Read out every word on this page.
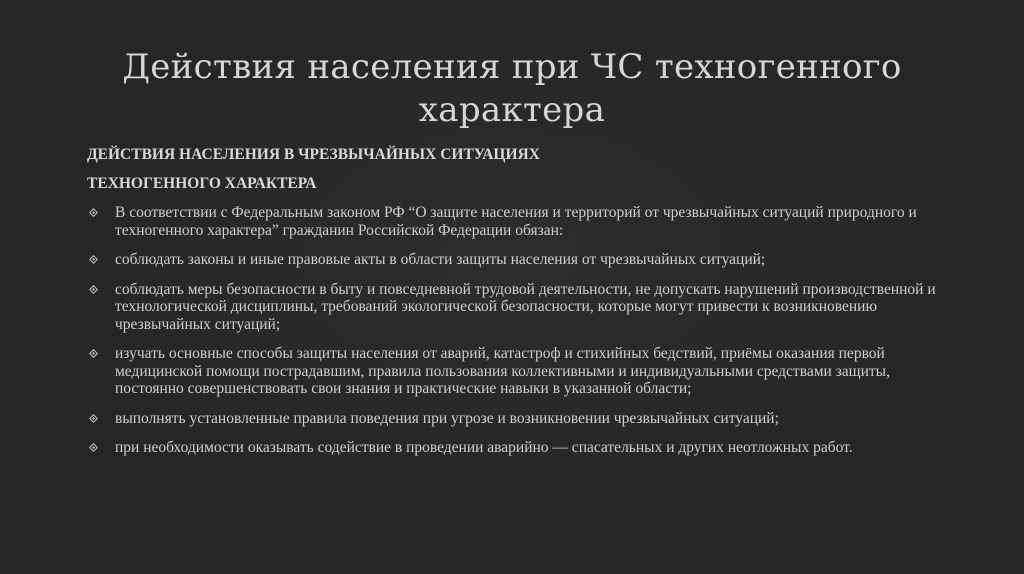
Действия населения при ЧС техногенного характера
ДЕЙСТВИЯ НАСЕЛЕНИЯ В ЧРЕЗВЫЧАЙНЫХ СИТУАЦИЯХ
ТЕХНОГЕННОГО ХАРАКТЕРА
В соответствии с Федеральным законом РФ “О защите населения и территорий от чрезвычайных ситуаций природного и техногенного характера” гражданин Российской Федерации обязан:
соблюдать законы и иные правовые акты в области защиты населения от чрезвычайных ситуаций;
соблюдать меры безопасности в быту и повседневной трудовой деятельности, не допускать нарушений производственной и технологической дисциплины, требований экологической безопасности, которые могут привести к возникновению чрезвычайных ситуаций;
изучать основные способы защиты населения от аварий, катастроф и стихийных бедствий, приёмы оказания первой медицинской помощи пострадавшим, правила пользования коллективными и индивидуальными средствами защиты, постоянно совершенствовать свои знания и практические навыки в указанной области;
выполнять установленные правила поведения при угрозе и возникновении чрезвычайных ситуаций;
при необходимости оказывать содействие в проведении аварийно — спасательных и других неотложных работ.
